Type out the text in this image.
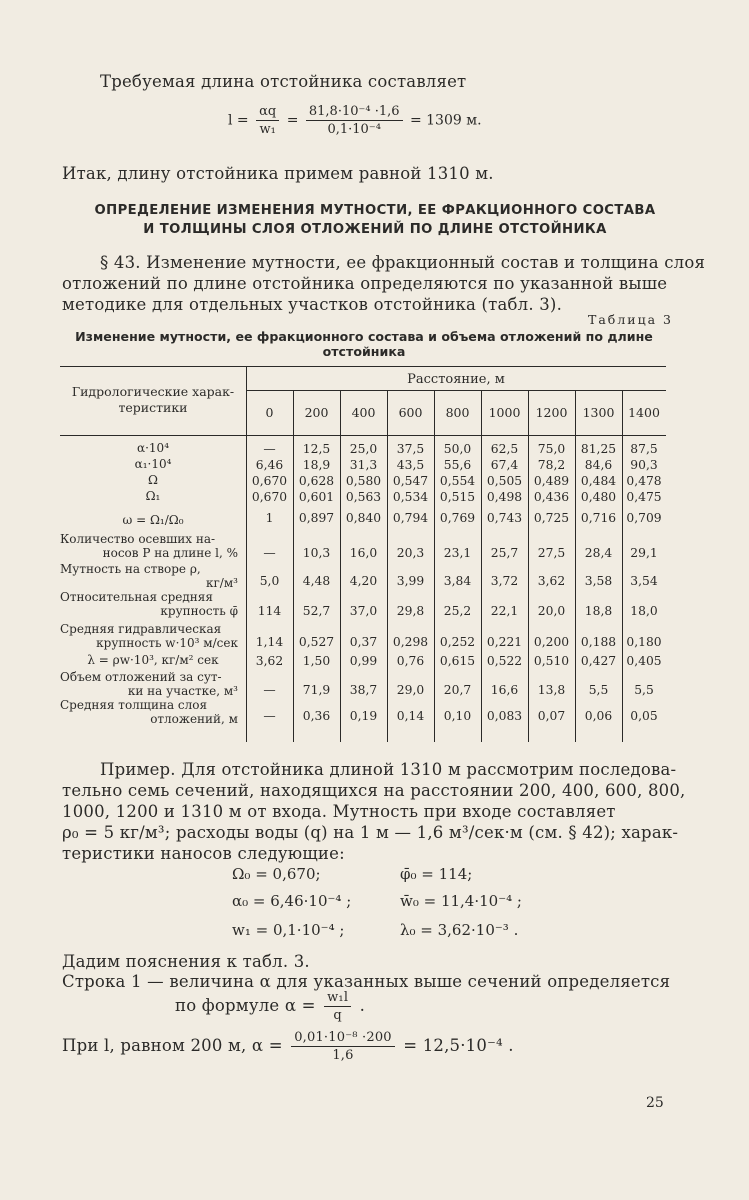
Требуемая длина отстойника составляет
$l = \frac{\alpha q}{\text{w₁}} = \frac{\text{81,8·10⁻⁴ ·1,6}}{\text{0,1·10⁻⁴}} = 1309$ м.
Итак, длину отстойника примем равной 1310 м.
ОПРЕДЕЛЕНИЕ ИЗМЕНЕНИЯ МУТНОСТИ, ЕЕ ФРАКЦИОННОГО СОСТАВА
И ТОЛЩИНЫ СЛОЯ ОТЛОЖЕНИЙ ПО ДЛИНЕ ОТСТОЙНИКА
§ 43. Изменение мутности, ее фракционный состав и толщина слоя
отложений по длине отстойника определяются по указанной выше
методике для отдельных участков отстойника (табл. 3).
Таблица 3
Изменение мутности, ее фракционного состава и объема отложений по длине
отстойника
Гидрологические харак-
теристики
Расстояние, м
0	200	400	600	800	1000	1200	1300	1400
α·10⁴	—	12,5	25,0	37,5	50,0	62,5	75,0	81,25	87,5
α₁·10⁴	6,46	18,9	31,3	43,5	55,6	67,4	78,2	84,6	90,3
Ω	0,670 0,628 0,580 0,547 0,554 0,505 0,489 0,484 0,478
Ω₁	0,670 0,601 0,563 0,534 0,515 0,498 0,436 0,480 0,475
ω = Ω₁/Ω₀	1	0,897 0,840 0,794 0,769 0,743 0,725 0,716 0,709
Количество осевших на-
носов P на длине l, %	—	10,3	16,0	20,3	23,1	25,7	27,5	28,4	29,1
Мутность на створе ρ,
кг/м³	5,0	4,48	4,20	3,99	3,84	3,72	3,62	3,58	3,54
Относительная средняя
крупность φ̄	114	52,7	37,0	29,8	25,2	22,1	20,0	18,8	18,0
Средняя гидравлическая
крупность w·10³ м/сек	1,14	0,527	0,37	0,298 0,252 0,221 0,200 0,188 0,180
λ = ρw·10³, кг/м² сек	3,62	1,50	0,99	0,76	0,615 0,522 0,510 0,427 0,405
Объем отложений за сут-
ки на участке, м³	—	71,9	38,7	29,0	20,7	16,6	13,8	5,5	5,5
Средняя толщина слоя
отложений, м	—	0,36	0,19	0,14	0,10	0,083	0,07	0,06	0,05
Пример. Для отстойника длиной 1310 м рассмотрим последова-
тельно семь сечений, находящихся на расстоянии 200, 400, 600, 800,
1000, 1200 и 1310 м от входа. Мутность при входе составляет
ρ₀ = 5 кг/м³; расходы воды (q) на 1 м — 1,6 м³/сек·м (см. § 42); харак-
теристики наносов следующие:
Ω₀ = 0,670;	φ̄₀ = 114;
α₀ = 6,46·10⁻⁴ ;	w̄₀ = 11,4·10⁻⁴ ;
w₁ = 0,1·10⁻⁴ ;	λ₀ = 3,62·10⁻³ .
Дадим пояснения к табл. 3.
Строка 1 — величина α для указанных выше сечений определяется
по формуле $\alpha = \frac{\text{w₁l}}{q}$ .
При l, равном 200 м, $\alpha = \frac{\text{0,01·10⁻⁸ ·200}}{1,6} = 12,5\cdot 10^{-4}$ .
25
